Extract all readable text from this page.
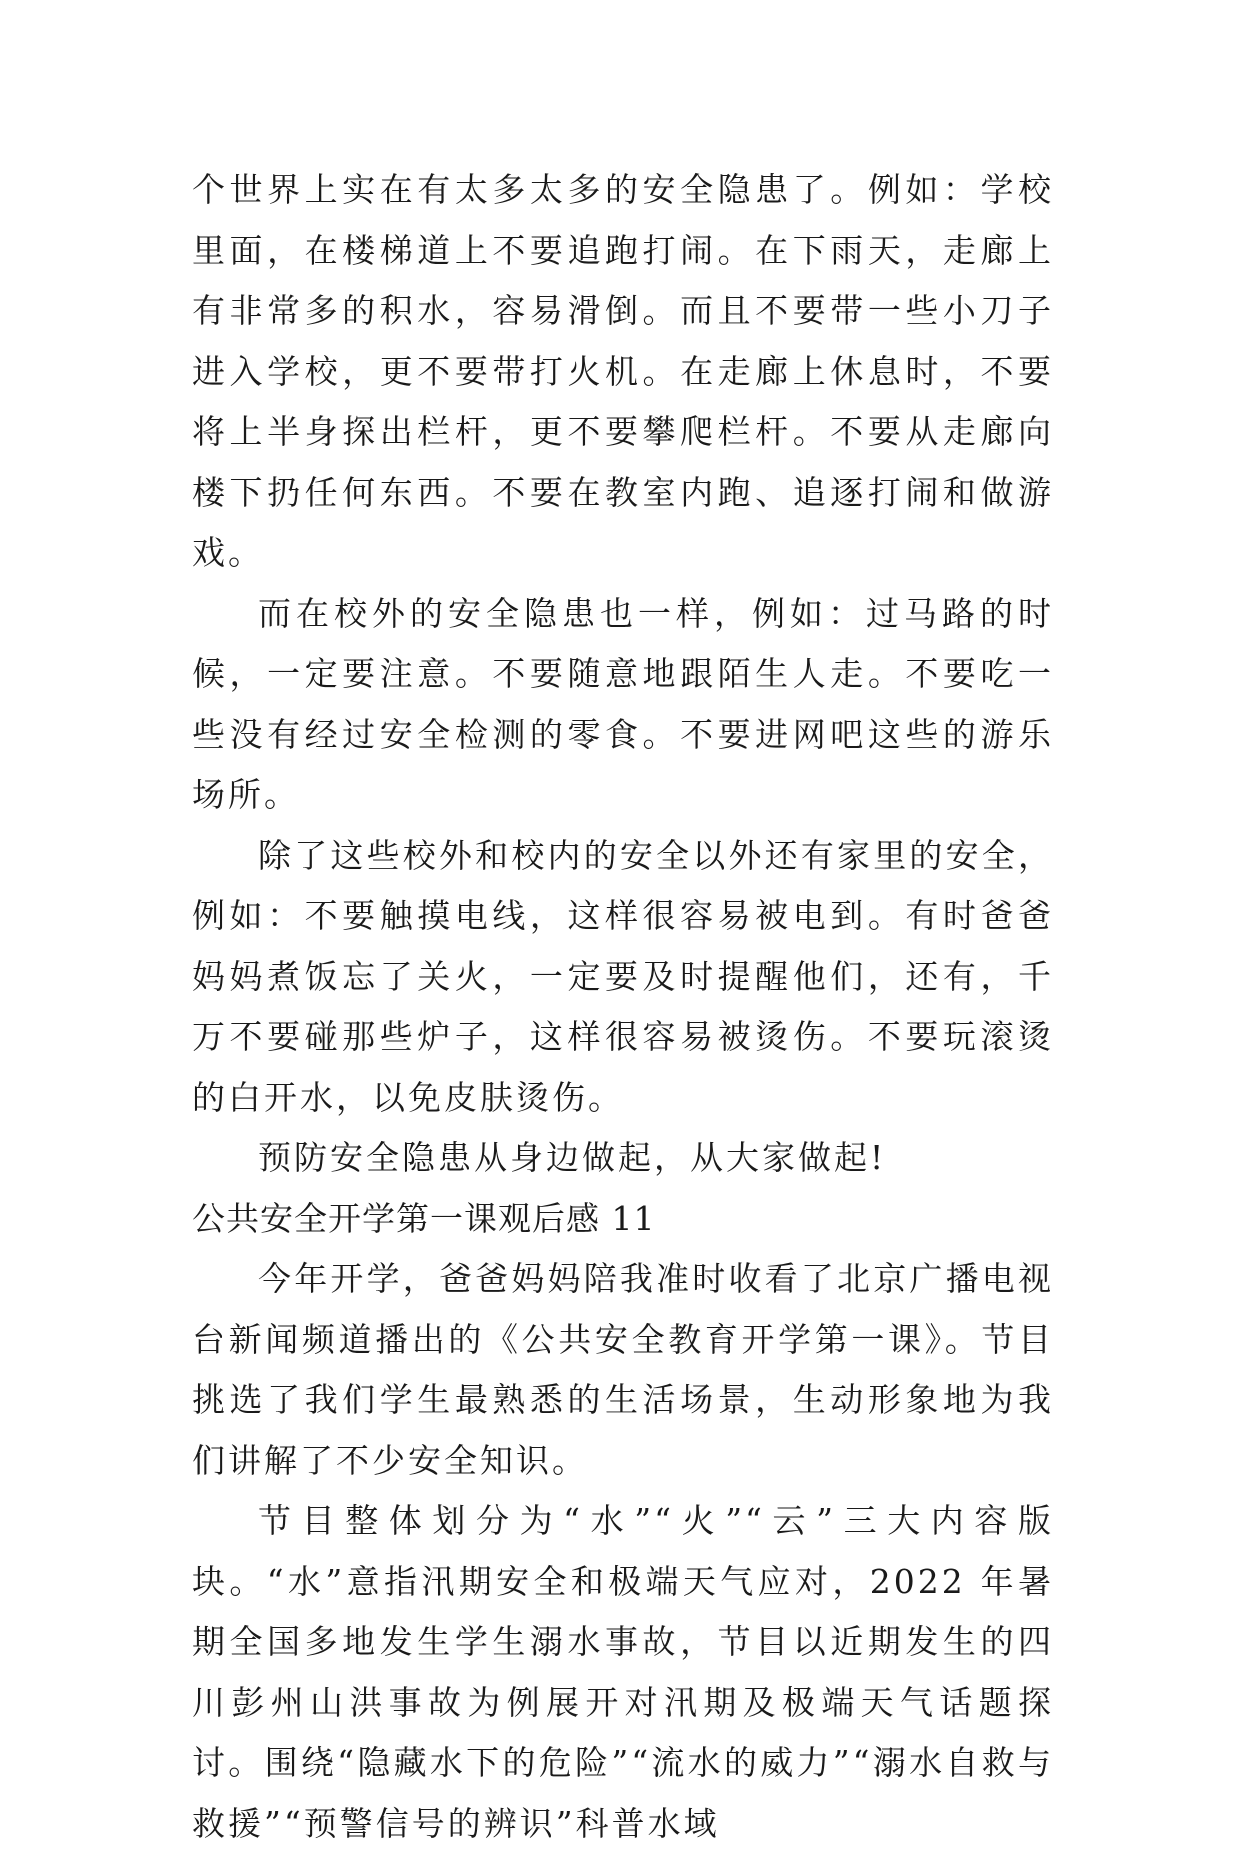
个世界上实在有太多太多的安全隐患了。例如：学校里面，在楼梯道上不要追跑打闹。在下雨天，走廊上有非常多的积水，容易滑倒。而且不要带一些小刀子进入学校，更不要带打火机。在走廊上休息时，不要将上半身探出栏杆，更不要攀爬栏杆。不要从走廊向楼下扔任何东西。不要在教室内跑、追逐打闹和做游戏。

而在校外的安全隐患也一样，例如：过马路的时候，一定要注意。不要随意地跟陌生人走。不要吃一些没有经过安全检测的零食。不要进网吧这些的游乐场所。

除了这些校外和校内的安全以外还有家里的安全，例如：不要触摸电线，这样很容易被电到。有时爸爸妈妈煮饭忘了关火，一定要及时提醒他们，还有，千万不要碰那些炉子，这样很容易被烫伤。不要玩滚烫的白开水，以免皮肤烫伤。

预防安全隐患从身边做起，从大家做起!

公共安全开学第一课观后感 11

今年开学，爸爸妈妈陪我准时收看了北京广播电视台新闻频道播出的《公共安全教育开学第一课》。节目挑选了我们学生最熟悉的生活场景，生动形象地为我们讲解了不少安全知识。

节目整体划分为“水”“火”“云”三大内容版块。“水”意指汛期安全和极端天气应对，2022 年暑期全国多地发生学生溺水事故，节目以近期发生的四川彭州山洪事故为例展开对汛期及极端天气话题探讨。围绕“隐藏水下的危险”“流水的威力”“溺水自救与救援”“预警信号的辨识”科普水域
